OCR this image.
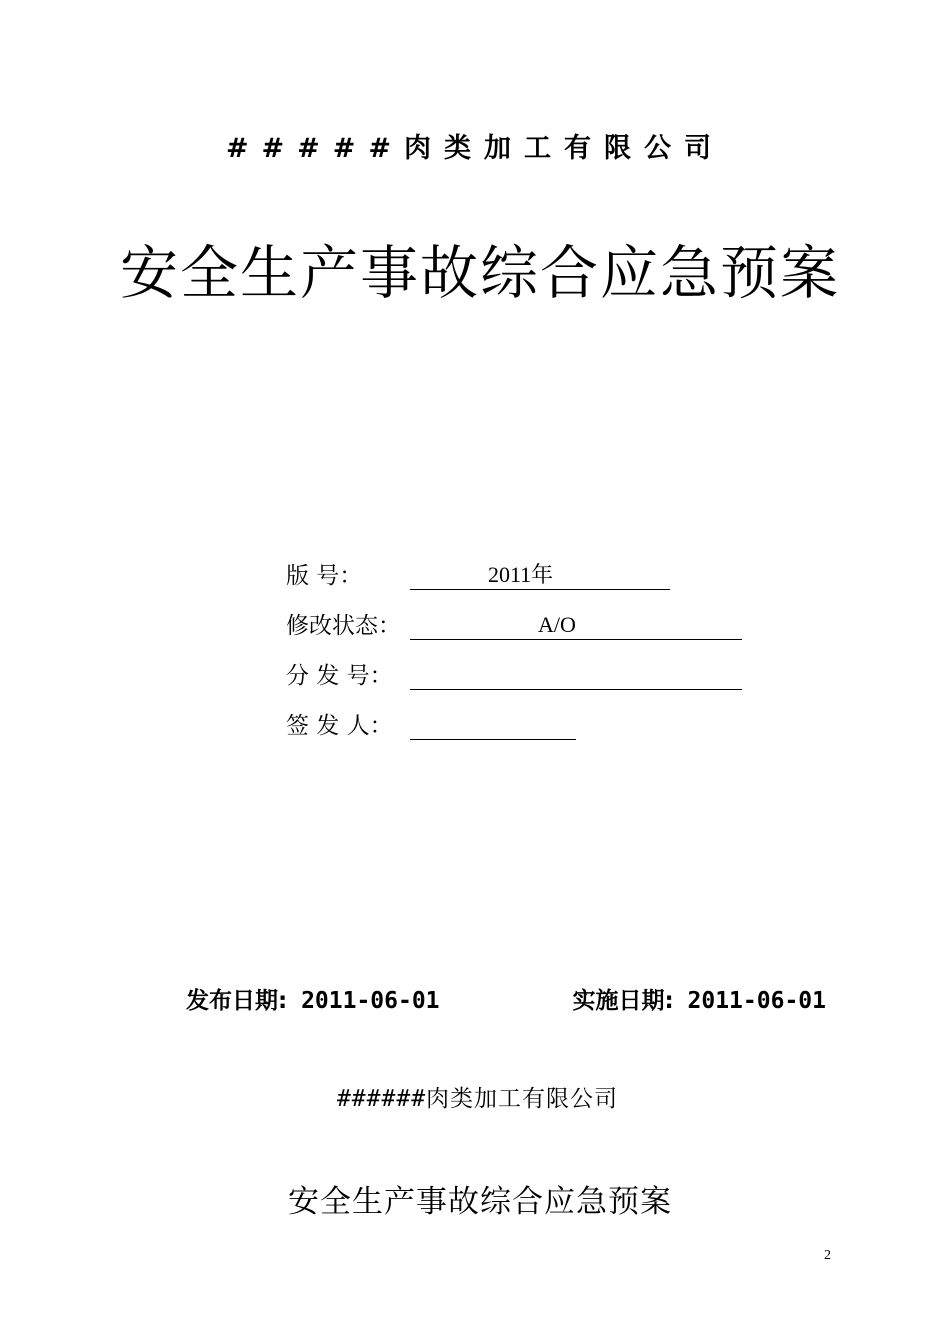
#####肉类加工有限公司
安全生产事故综合应急预案
版 号：	2011年
修改状态：	A/O
分 发 号：
签 发 人：
发布日期: 2011-06-01	实施日期: 2011-06-01
######肉类加工有限公司
安全生产事故综合应急预案
2
